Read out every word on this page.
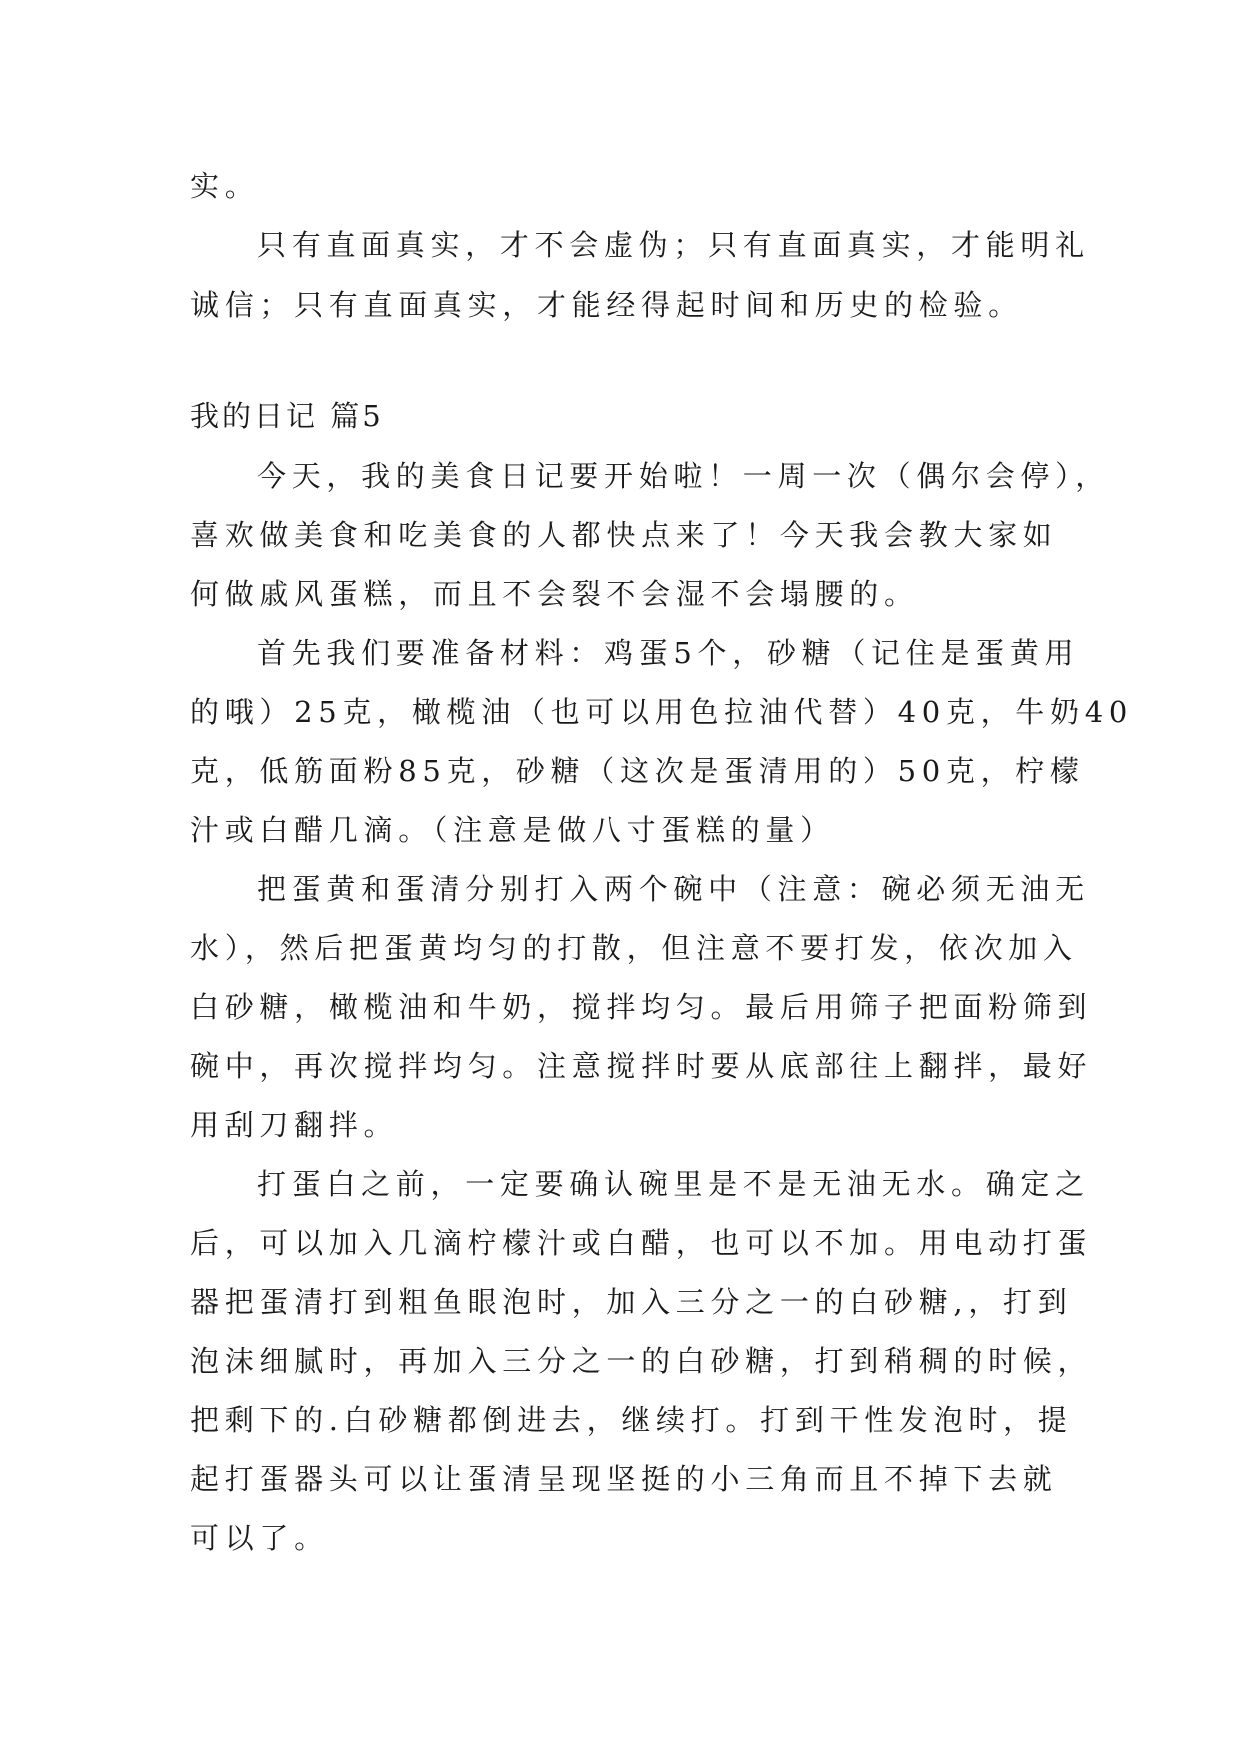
实。
只有直面真实，才不会虚伪；只有直面真实，才能明礼
诚信；只有直面真实，才能经得起时间和历史的检验。
我的日记 篇5
今天，我的美食日记要开始啦！一周一次（偶尔会停），
喜欢做美食和吃美食的人都快点来了！今天我会教大家如
何做戚风蛋糕，而且不会裂不会湿不会塌腰的。
首先我们要准备材料：鸡蛋5个，砂糖（记住是蛋黄用
的哦）25克，橄榄油（也可以用色拉油代替）40克，牛奶40
克，低筋面粉85克，砂糖（这次是蛋清用的）50克，柠檬
汁或白醋几滴。（注意是做八寸蛋糕的量）
把蛋黄和蛋清分别打入两个碗中（注意：碗必须无油无
水），然后把蛋黄均匀的打散，但注意不要打发，依次加入
白砂糖，橄榄油和牛奶，搅拌均匀。最后用筛子把面粉筛到
碗中，再次搅拌均匀。注意搅拌时要从底部往上翻拌，最好
用刮刀翻拌。
打蛋白之前，一定要确认碗里是不是无油无水。确定之
后，可以加入几滴柠檬汁或白醋，也可以不加。用电动打蛋
器把蛋清打到粗鱼眼泡时，加入三分之一的白砂糖,，打到
泡沫细腻时，再加入三分之一的白砂糖，打到稍稠的时候，
把剩下的.白砂糖都倒进去，继续打。打到干性发泡时，提
起打蛋器头可以让蛋清呈现坚挺的小三角而且不掉下去就
可以了。
